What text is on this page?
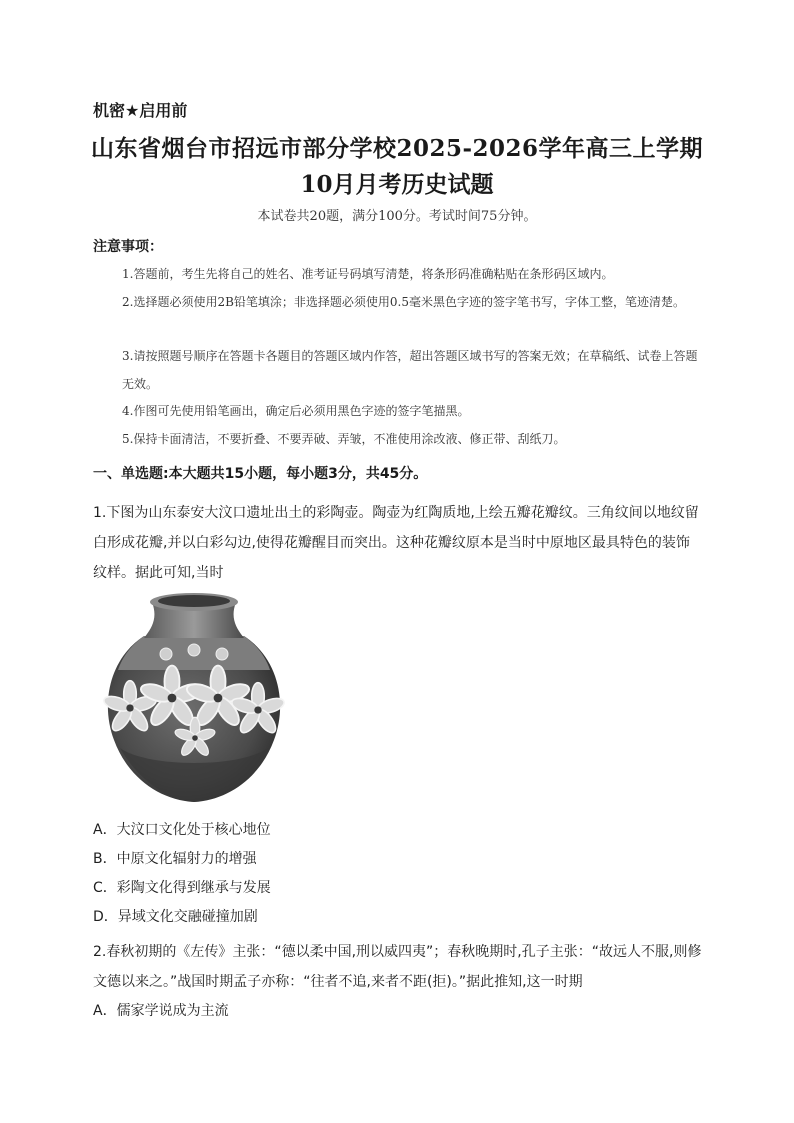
机密★启用前
山东省烟台市招远市部分学校2025-2026学年高三上学期
10月月考历史试题
本试卷共20题，满分100分。考试时间75分钟。
注意事项：
1.答题前，考生先将自己的姓名、准考证号码填写清楚，将条形码准确粘贴在条形码区域内。
2.选择题必须使用2B铅笔填涂；非选择题必须使用0.5毫米黑色字迹的签字笔书写，字体工整，笔迹清楚。
3.请按照题号顺序在答题卡各题目的答题区域内作答，超出答题区域书写的答案无效；在草稿纸、试卷上答题无效。
4.作图可先使用铅笔画出，确定后必须用黑色字迹的签字笔描黑。
5.保持卡面清洁，不要折叠、不要弄破、弄皱，不准使用涂改液、修正带、刮纸刀。
一、单选题:本大题共15小题，每小题3分，共45分。
1.下图为山东泰安大汶口遗址出土的彩陶壶。陶壶为红陶质地,上绘五瓣花瓣纹。三角纹间以地纹留白形成花瓣,并以白彩勾边,使得花瓣醒目而突出。这种花瓣纹原本是当时中原地区最具特色的装饰纹样。据此可知,当时
A．大汶口文化处于核心地位
B．中原文化辐射力的增强
C．彩陶文化得到继承与发展
D．异域文化交融碰撞加剧
2.春秋初期的《左传》主张：“德以柔中国,刑以威四夷”；春秋晚期时,孔子主张：“故远人不服,则修文德以来之。”战国时期孟子亦称：“往者不追,来者不距(拒)。”据此推知,这一时期
A．儒家学说成为主流
